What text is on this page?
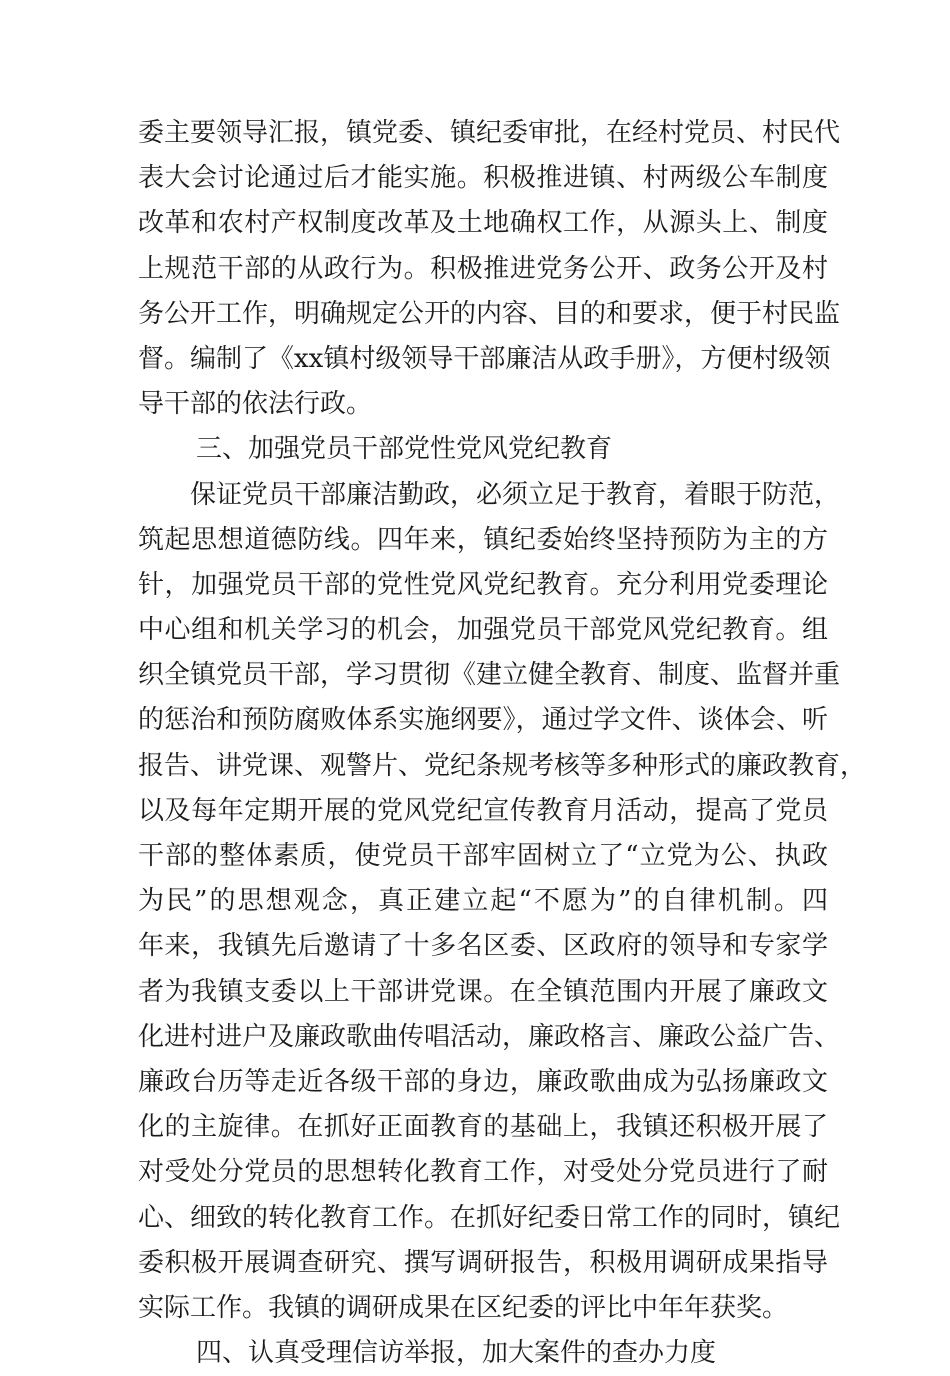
委主要领导汇报，镇党委、镇纪委审批，在经村党员、村民代
表大会讨论通过后才能实施。积极推进镇、村两级公车制度
改革和农村产权制度改革及土地确权工作，从源头上、制度
上规范干部的从政行为。积极推进党务公开、政务公开及村
务公开工作，明确规定公开的内容、目的和要求，便于村民监
督。编制了《xx镇村级领导干部廉洁从政手册》，方便村级领
导干部的依法行政。
三、加强党员干部党性党风党纪教育
保证党员干部廉洁勤政，必须立足于教育，着眼于防范，
筑起思想道德防线。四年来，镇纪委始终坚持预防为主的方
针，加强党员干部的党性党风党纪教育。充分利用党委理论
中心组和机关学习的机会，加强党员干部党风党纪教育。组
织全镇党员干部，学习贯彻《建立健全教育、制度、监督并重
的惩治和预防腐败体系实施纲要》，通过学文件、谈体会、听
报告、讲党课、观警片、党纪条规考核等多种形式的廉政教育，
以及每年定期开展的党风党纪宣传教育月活动，提高了党员
干部的整体素质，使党员干部牢固树立了“立党为公、执政
为民”的思想观念，真正建立起“不愿为”的自律机制。四
年来，我镇先后邀请了十多名区委、区政府的领导和专家学
者为我镇支委以上干部讲党课。在全镇范围内开展了廉政文
化进村进户及廉政歌曲传唱活动，廉政格言、廉政公益广告、
廉政台历等走近各级干部的身边，廉政歌曲成为弘扬廉政文
化的主旋律。在抓好正面教育的基础上，我镇还积极开展了
对受处分党员的思想转化教育工作，对受处分党员进行了耐
心、细致的转化教育工作。在抓好纪委日常工作的同时，镇纪
委积极开展调查研究、撰写调研报告，积极用调研成果指导
实际工作。我镇的调研成果在区纪委的评比中年年获奖。
四、认真受理信访举报，加大案件的查办力度
